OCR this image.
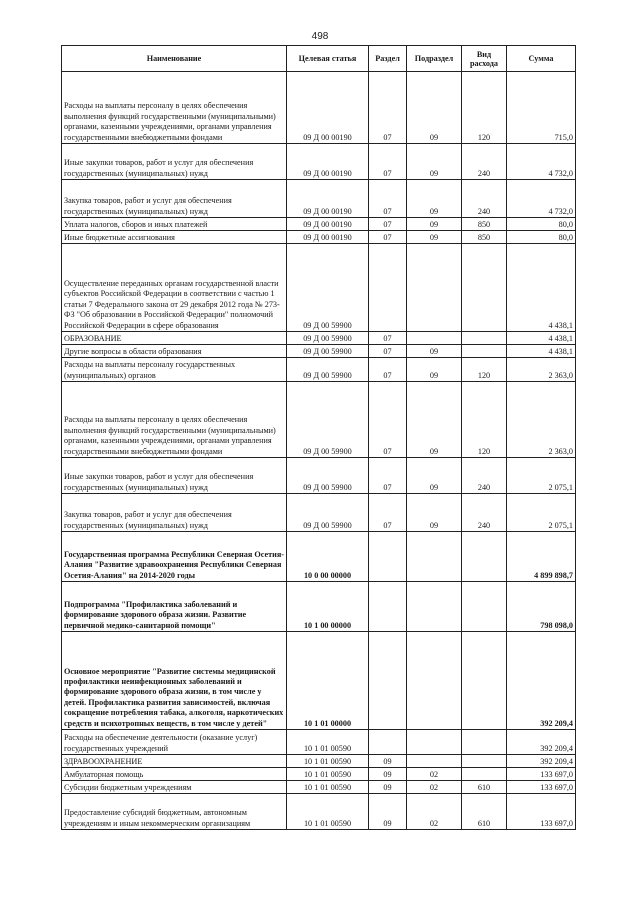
498
Наименование	Целевая статья	Раздел	Подраздел	Вид расхода	Сумма
Расходы на выплаты персоналу в целях обеспечения выполнения функций государственными (муниципальными) органами, казенными учреждениями, органами управления государственными внебюджетными фондами	09 Д 00 00190	07	09	120	715,0
Иные закупки товаров, работ и услуг для обеспечения государственных (муниципальных) нужд	09 Д 00 00190	07	09	240	4 732,0
Закупка товаров, работ и услуг для обеспечения государственных (муниципальных) нужд	09 Д 00 00190	07	09	240	4 732,0
Уплата налогов, сборов и иных платежей	09 Д 00 00190	07	09	850	80,0
Иные бюджетные ассигнования	09 Д 00 00190	07	09	850	80,0
Осуществление переданных органам государственной власти субъектов Российской Федерации в соответствии с частью 1 статьи 7 Федерального закона от 29 декабря 2012 года № 273-ФЗ "Об образовании в Российской Федерации" полномочий Российской Федерации в сфере образования	09 Д 00 59900				4 438,1
ОБРАЗОВАНИЕ	09 Д 00 59900	07			4 438,1
Другие вопросы в области образования	09 Д 00 59900	07	09		4 438,1
Расходы на выплаты персоналу государственных (муниципальных) органов	09 Д 00 59900	07	09	120	2 363,0
Расходы на выплаты персоналу в целях обеспечения выполнения функций государственными (муниципальными) органами, казенными учреждениями, органами управления государственными внебюджетными фондами	09 Д 00 59900	07	09	120	2 363,0
Иные закупки товаров, работ и услуг для обеспечения государственных (муниципальных) нужд	09 Д 00 59900	07	09	240	2 075,1
Закупка товаров, работ и услуг для обеспечения государственных (муниципальных) нужд	09 Д 00 59900	07	09	240	2 075,1
Государственная программа Республики Северная Осетия-Алания "Развитие здравоохранения Республики Северная Осетия-Алания" на 2014-2020 годы	10 0 00 00000				4 899 898,7
Подпрограмма "Профилактика заболеваний и формирование здорового образа жизни. Развитие первичной медико-санитарной помощи"	10 1 00 00000				798 098,0
Основное мероприятие "Развитие системы медицинской профилактики неинфекционных заболеваний и формирование здорового образа жизни, в том числе у детей. Профилактика развития зависимостей, включая сокращение потребления табака, алкоголя, наркотических средств и психотропных веществ, в том числе у детей"	10 1 01 00000				392 209,4
Расходы на обеспечение деятельности (оказание услуг) государственных учреждений	10 1 01 00590				392 209,4
ЗДРАВООХРАНЕНИЕ	10 1 01 00590	09			392 209,4
Амбулаторная помощь	10 1 01 00590	09	02		133 697,0
Субсидии бюджетным учреждениям	10 1 01 00590	09	02	610	133 697,0
Предоставление субсидий бюджетным, автономным учреждениям и иным некоммерческим организациям	10 1 01 00590	09	02	610	133 697,0
